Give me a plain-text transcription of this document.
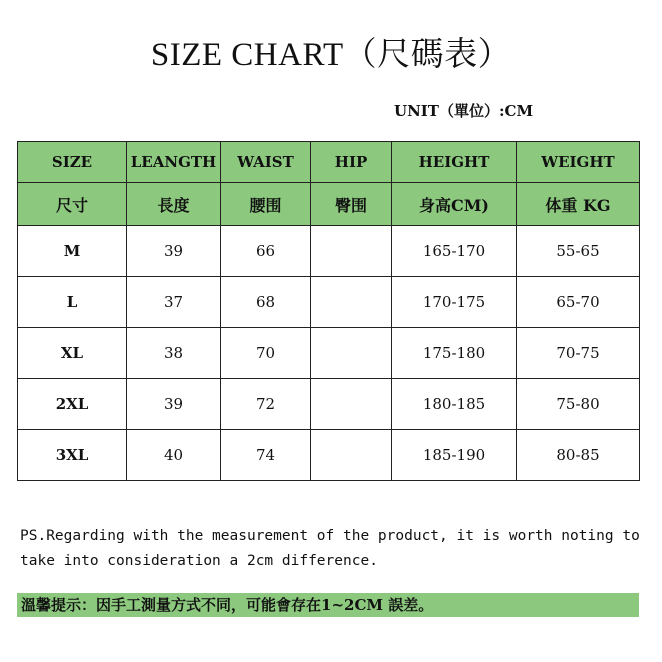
SIZE CHART（尺碼表）
UNIT（單位）:CM
SIZE	LEANGTH	WAIST	HIP	HEIGHT	WEIGHT
尺寸	長度	腰围	臀围	身高CM)	体重 KG
M	39	66		165-170	55-65
L	37	68		170-175	65-70
XL	38	70		175-180	70-75
2XL	39	72		180-185	75-80
3XL	40	74		185-190	80-85
PS.Regarding with the measurement of the product, it is worth noting to take into consideration a 2cm difference.
溫馨提示：因手工測量方式不同，可能會存在1~2CM 誤差。
